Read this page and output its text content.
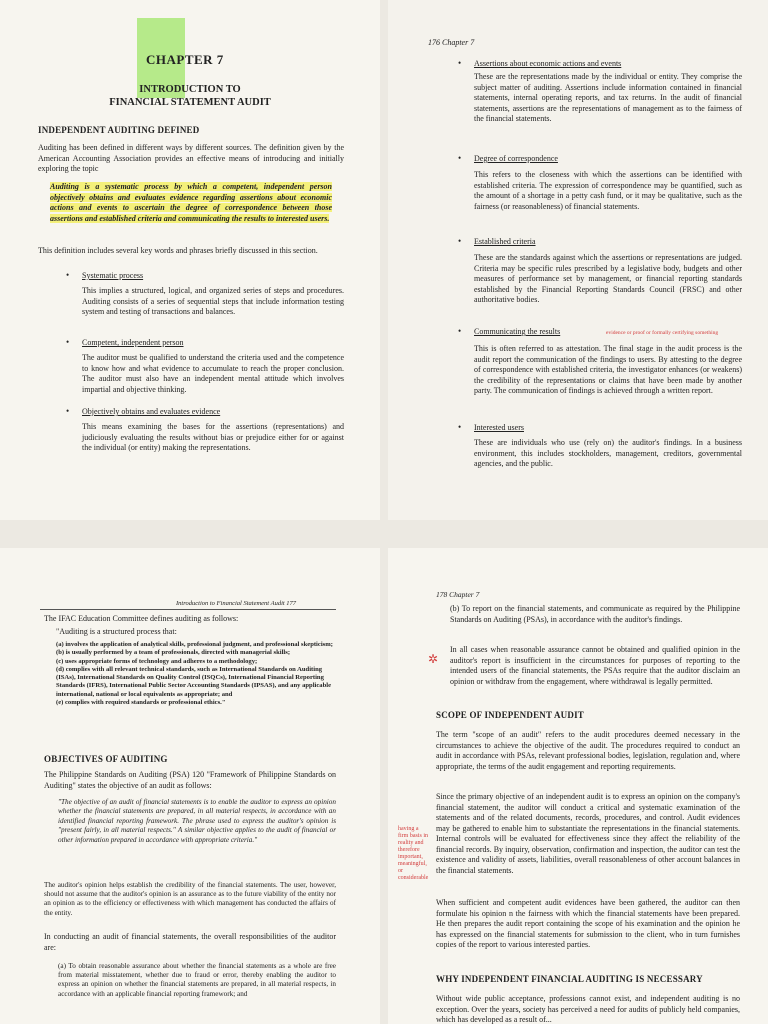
CHAPTER 7
INTRODUCTION TO
FINANCIAL STATEMENT AUDIT
INDEPENDENT AUDITING DEFINED
Auditing has been defined in different ways by different sources. The definition given by the American Accounting Association provides an effective means of introducing and initially exploring the topic
Auditing is a systematic process by which a competent, independent person objectively obtains and evaluates evidence regarding assertions about economic actions and events to ascertain the degree of correspondence between those assertions and established criteria and communicating the results to interested users.
This definition includes several key words and phrases briefly discussed in this section.
• Systematic process
This implies a structured, logical, and organized series of steps and procedures. Auditing consists of a series of sequential steps that include information testing system and testing of transactions and balances.
• Competent, independent person
The auditor must be qualified to understand the criteria used and the competence to know how and what evidence to accumulate to reach the proper conclusion. The auditor must also have an independent mental attitude which involves impartial and objective thinking.
• Objectively obtains and evaluates evidence
This means examining the bases for the assertions (representations) and judiciously evaluating the results without bias or prejudice either for or against the individual (or entity) making the representations.
176 Chapter 7
• Assertions about economic actions and events
These are the representations made by the individual or entity. They comprise the subject matter of auditing. Assertions include information contained in financial statements, internal operating reports, and tax returns. In the audit of financial statements, assertions are the representations of management as to the fairness of the financial statements.
• Degree of correspondence
This refers to the closeness with which the assertions can be identified with established criteria. The expression of correspondence may be quantified, such as the amount of a shortage in a petty cash fund, or it may be qualitative, such as the fairness (or reasonableness) of financial statements.
• Established criteria
These are the standards against which the assertions or representations are judged. Criteria may be specific rules prescribed by a legislative body, budgets and other measures of performance set by management, or financial reporting standards established by the Financial Reporting Standards Council (FRSC) and other authoritative bodies.
• Communicating the results	evidence or proof or formally certifying something
This is often referred to as attestation. The final stage in the audit process is the audit report the communication of the findings to users. By attesting to the degree of correspondence with established criteria, the investigator enhances (or weakens) the credibility of the representations or claims that have been made by another party. The communication of findings is achieved through a written report.
• Interested users
These are individuals who use (rely on) the auditor's findings. In a business environment, this includes stockholders, management, creditors, governmental agencies, and the public.
Introduction to Financial Statement Audit 177
The IFAC Education Committee defines auditing as follows:
"Auditing is a structured process that:
(a) involves the application of analytical skills, professional judgment, and professional skepticism;
(b) is usually performed by a team of professionals, directed with managerial skills;
(c) uses appropriate forms of technology and adheres to a methodology;
(d) complies with all relevant technical standards, such as International Standards on Auditing (ISAs), International Standards on Quality Control (ISQCs), International Financial Reporting Standards (IFRS), International Public Sector Accounting Standards (IPSAS), and any applicable international, national or local equivalents as appropriate; and
(e) complies with required standards or professional ethics."
OBJECTIVES OF AUDITING
The Philippine Standards on Auditing (PSA) 120 "Framework of Philippine Standards on Auditing" states the objective of an audit as follows:
"The objective of an audit of financial statements is to enable the auditor to express an opinion whether the financial statements are prepared, in all material respects, in accordance with an identified financial reporting framework. The phrase used to express the auditor's opinion is "present fairly, in all material respects." A similar objective applies to the audit of financial or other information prepared in accordance with appropriate criteria."
The auditor's opinion helps establish the credibility of the financial statements. The user, however, should not assume that the auditor's opinion is an assurance as to the future viability of the entity nor an opinion as to the efficiency or effectiveness with which management has conducted the affairs of the entity.
In conducting an audit of financial statements, the overall responsibilities of the auditor are:
(a) To obtain reasonable assurance about whether the financial statements as a whole are free from material misstatement, whether due to fraud or error, thereby enabling the auditor to express an opinion on whether the financial statements are prepared, in all material respects, in accordance with an applicable financial reporting framework; and
178 Chapter 7
(b) To report on the financial statements, and communicate as required by the Philippine Standards on Auditing (PSAs), in accordance with the auditor's findings.
✲
In all cases when reasonable assurance cannot be obtained and qualified opinion in the auditor's report is insufficient in the circumstances for purposes of reporting to the intended users of the financial statements, the PSAs require that the auditor disclaim an opinion or withdraw from the engagement, where withdrawal is legally permitted.
SCOPE OF INDEPENDENT AUDIT
The term "scope of an audit" refers to the audit procedures deemed necessary in the circumstances to achieve the objective of the audit. The procedures required to conduct an audit in accordance with PSAs, relevant professional bodies, legislation, regulation and, where appropriate, the terms of the audit engagement and reporting requirements.
having a firm basis in reality and therefore important, meaningful, or considerable
Since the primary objective of an independent audit is to express an opinion on the company's financial statement, the auditor will conduct a critical and systematic examination of the statements and of the related documents, records, procedures, and control. Audit evidences may be gathered to enable him to substantiate the representations in the financial statements. Internal controls will be evaluated for effectiveness since they affect the reliability of the financial records. By inquiry, observation, confirmation and inspection, the auditor can test the existence and validity of assets, liabilities, overall reasonableness of other account balances in the financial statements.
When sufficient and competent audit evidences have been gathered, the auditor can then formulate his opinion n the fairness with which the financial statements have been prepared. He then prepares the audit report containing the scope of his examination and the opinion he has expressed on the financial statements for submission to the client, who in turn furnishes copies of the report to various interested parties.
WHY INDEPENDENT FINANCIAL AUDITING IS NECESSARY
Without wide public acceptance, professions cannot exist, and independent auditing is no exception. Over the years, society has perceived a need for audits of publicly held companies, which has developed as a result of...
